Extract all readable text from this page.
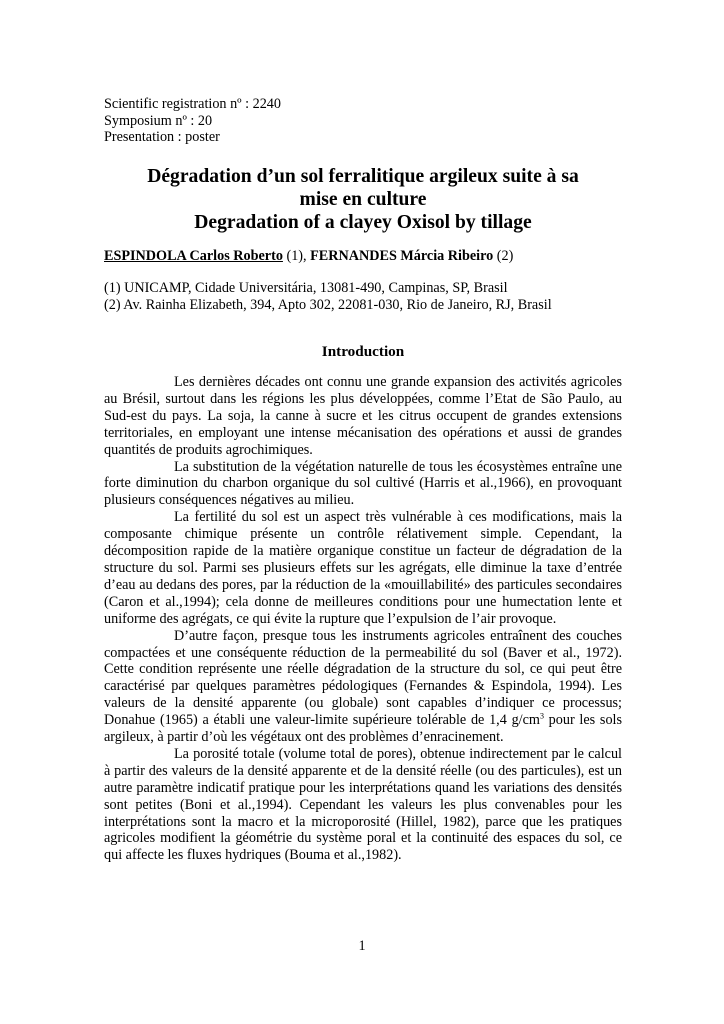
Scientific registration nº : 2240
Symposium nº : 20
Presentation : poster
Dégradation d’un sol ferralitique argileux suite à sa
mise en culture
Degradation of a clayey Oxisol by tillage
ESPINDOLA Carlos Roberto (1), FERNANDES Márcia Ribeiro (2)
(1) UNICAMP, Cidade Universitária, 13081-490, Campinas, SP, Brasil
(2) Av. Rainha Elizabeth, 394, Apto 302, 22081-030, Rio de Janeiro, RJ, Brasil
Introduction

Les dernières décades ont connu une grande expansion des activités agricoles au Brésil, surtout dans les régions les plus développées, comme l’Etat de São Paulo, au Sud-est du pays. La soja, la canne à sucre et les citrus occupent de grandes extensions territoriales, en employant une intense mécanisation des opérations et aussi de grandes quantités de produits agrochimiques.

La substitution de la végétation naturelle de tous les écosystèmes entraîne une forte diminution du charbon organique du sol cultivé (Harris et al.,1966), en provoquant plusieurs conséquences négatives au milieu.

La fertilité du sol est un aspect très vulnérable à ces modifications, mais la composante chimique présente un contrôle rélativement simple. Cependant, la décomposition rapide de la matière organique constitue un facteur de dégradation de la structure du sol. Parmi ses plusieurs effets sur les agrégats, elle diminue la taxe d’entrée d’eau au dedans des pores, par la réduction de la «mouillabilité» des particules secondaires (Caron et al.,1994); cela donne de meilleures conditions pour une humectation lente et uniforme des agrégats, ce qui évite la rupture que l’expulsion de l’air provoque.

D’autre façon, presque tous les instruments agricoles entraînent des couches compactées et une conséquente réduction de la permeabilité du sol (Baver et al., 1972). Cette condition représente une réelle dégradation de la structure du sol, ce qui peut être caractérisé par quelques paramètres pédologiques (Fernandes & Espindola, 1994). Les valeurs de la densité apparente (ou globale) sont capables d’indiquer ce processus; Donahue (1965) a établi une valeur-limite supérieure tolérable de 1,4 $g/cm^3$ pour les sols argileux, à partir d’où les végétaux ont des problèmes d’enracinement.

La porosité totale (volume total de pores), obtenue indirectement par le calcul à partir des valeurs de la densité apparente et de la densité réelle (ou des particules), est un autre paramètre indicatif pratique pour les interprétations quand les variations des densités sont petites (Boni et al.,1994). Cependant les valeurs les plus convenables pour les interprétations sont la macro et la microporosité (Hillel, 1982), parce que les pratiques agricoles modifient la géométrie du système poral et la continuité des espaces du sol, ce qui affecte les fluxes hydriques (Bouma et al.,1982).

1
